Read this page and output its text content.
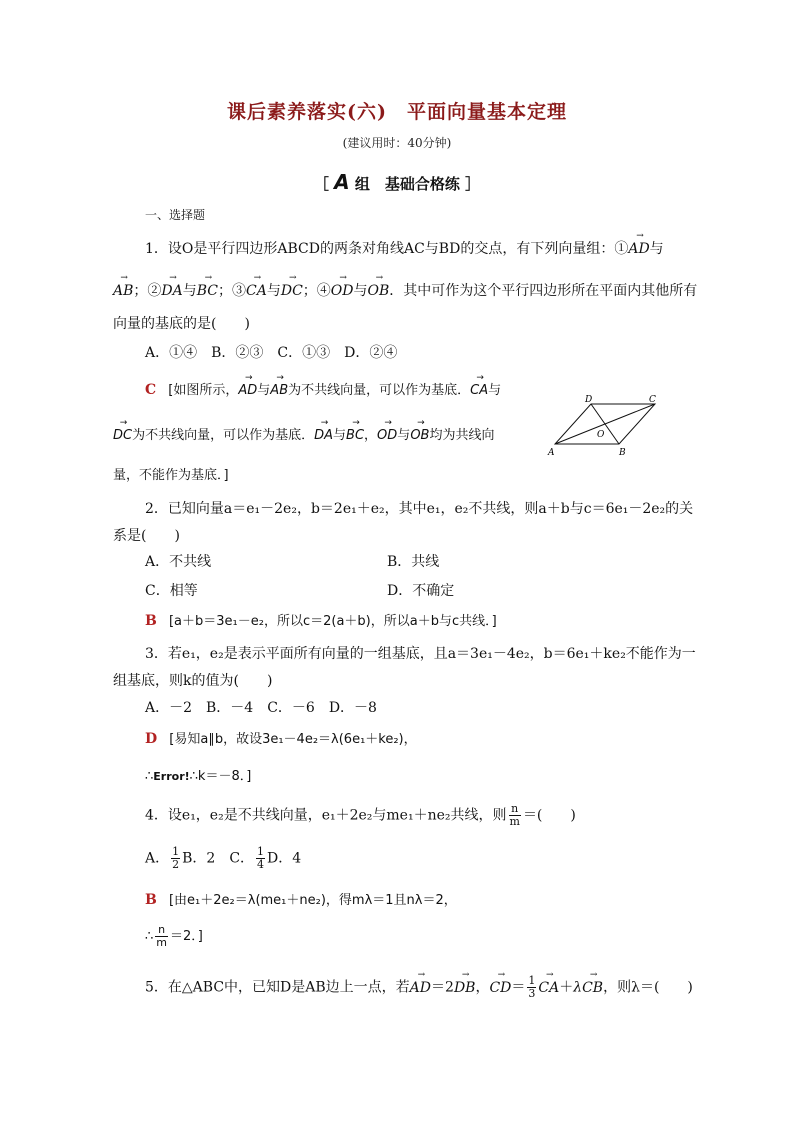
课后素养落实(六)　平面向量基本定理
(建议用时：40分钟)
［ A 组　基础合格练 ］
一、选择题
1．设O是平行四边形ABCD的两条对角线AC与BD的交点，有下列向量组：①→ AD与
→ AB；②→ DA与→ BC；③→ CA与→ DC；④→ OD与→ OB．其中可作为这个平行四边形所在平面内其他所有
向量的基底的是(　　)
A．①④　B．②③　C．①③　D．②④
C [如图所示，→ AD与→ AB为不共线向量，可以作为基底．→ CA与
→ DC为不共线向量，可以作为基底．→ DA与→ BC，→ OD与→ OB均为共线向
量，不能作为基底．]
A	B
C
D
O
2．已知向量a＝e₁－2e₂，b＝2e₁＋e₂，其中e₁，e₂不共线，则a＋b与c＝6e₁－2e₂的关
系是(　　)
A．不共线	B．共线
C．相等	D．不确定
B [a＋b＝3e₁－e₂，所以c＝2(a＋b)，所以a＋b与c共线．]
3．若e₁，e₂是表示平面所有向量的一组基底，且a＝3e₁－4e₂，b＝6e₁＋ke₂不能作为一
组基底，则k的值为(　　)
A．－2　B．－4　C．－6　D．－8
D [易知a∥b，故设3e₁－4e₂＝λ(6e₁＋ke₂)，
∴Error!∴k＝－8．]
4．设e₁，e₂是不共线向量，e₁＋2e₂与me₁＋ne₂共线，则 $\frac{n}{m}$ ＝(　　)
A． $\frac{1}{2}$ B．2　C． $\frac{1}{4}$ D．4
B [由e₁＋2e₂＝λ(me₁＋ne₂)，得mλ＝1且nλ＝2，
∴ $\frac{n}{m} =2$．]
5．在△ABC中，已知D是AB边上一点，若→ AD＝2→ DB，→ $CD= \frac{1}{3}$
→ CA＋λ→ CB，则λ＝(　　)
